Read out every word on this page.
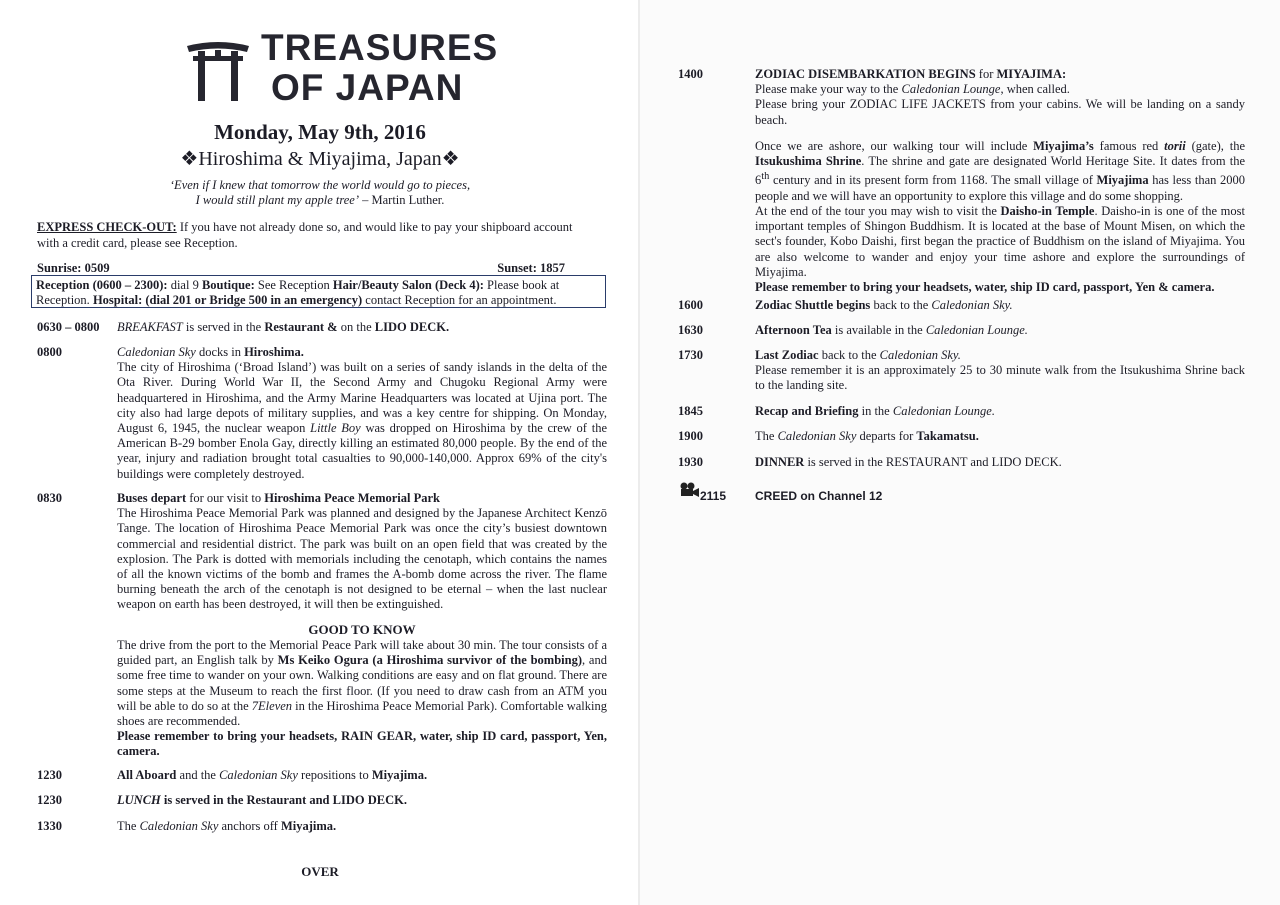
TREASURES
OF JAPAN
Monday, May 9th, 2016
❖Hiroshima & Miyajima, Japan❖
‘Even if I knew that tomorrow the world would go to pieces,
I would still plant my apple tree’ – Martin Luther.
EXPRESS CHECK-OUT: If you have not already done so, and would like to pay your shipboard account with a credit card, please see Reception.
Sunrise: 0509	Sunset: 1857
Reception (0600 – 2300): dial 9 Boutique: See Reception Hair/Beauty Salon (Deck 4): Please book at Reception. Hospital: (dial 201 or Bridge 500 in an emergency) contact Reception for an appointment.
0630 – 0800 BREAKFAST is served in the Restaurant & on the LIDO DECK.
0800	Caledonian Sky docks in Hiroshima.
The city of Hiroshima (‘Broad Island’) was built on a series of sandy islands in the delta of the Ota River. During World War II, the Second Army and Chugoku Regional Army were headquartered in Hiroshima, and the Army Marine Headquarters was located at Ujina port. The city also had large depots of military supplies, and was a key centre for shipping. On Monday, August 6, 1945, the nuclear weapon Little Boy was dropped on Hiroshima by the crew of the American B-29 bomber Enola Gay, directly killing an estimated 80,000 people. By the end of the year, injury and radiation brought total casualties to 90,000-140,000. Approx 69% of the city's buildings were completely destroyed.
0830	Buses depart for our visit to Hiroshima Peace Memorial Park
The Hiroshima Peace Memorial Park was planned and designed by the Japanese Architect Kenzō Tange. The location of Hiroshima Peace Memorial Park was once the city’s busiest downtown commercial and residential district. The park was built on an open field that was created by the explosion. The Park is dotted with memorials including the cenotaph, which contains the names of all the known victims of the bomb and frames the A-bomb dome across the river. The flame burning beneath the arch of the cenotaph is not designed to be eternal – when the last nuclear weapon on earth has been destroyed, it will then be extinguished.
GOOD TO KNOW
The drive from the port to the Memorial Peace Park will take about 30 min. The tour consists of a guided part, an English talk by Ms Keiko Ogura (a Hiroshima survivor of the bombing), and some free time to wander on your own. Walking conditions are easy and on flat ground. There are some steps at the Museum to reach the first floor. (If you need to draw cash from an ATM you will be able to do so at the 7Eleven in the Hiroshima Peace Memorial Park). Comfortable walking shoes are recommended.
Please remember to bring your headsets, RAIN GEAR, water, ship ID card, passport, Yen, camera.
1230	All Aboard and the Caledonian Sky repositions to Miyajima.
1230	LUNCH is served in the Restaurant and LIDO DECK.
1330	The Caledonian Sky anchors off Miyajima.
OVER
1400	ZODIAC DISEMBARKATION BEGINS for MIYAJIMA:
Please make your way to the Caledonian Lounge, when called.
Please bring your ZODIAC LIFE JACKETS from your cabins. We will be landing on a sandy beach.
Once we are ashore, our walking tour will include Miyajima’s famous red torii (gate), the Itsukushima Shrine. The shrine and gate are designated World Heritage Site. It dates from the 6th century and in its present form from 1168. The small village of Miyajima has less than 2000 people and we will have an opportunity to explore this village and do some shopping.
At the end of the tour you may wish to visit the Daisho-in Temple. Daisho-in is one of the most important temples of Shingon Buddhism. It is located at the base of Mount Misen, on which the sect's founder, Kobo Daishi, first began the practice of Buddhism on the island of Miyajima. You are also welcome to wander and enjoy your time ashore and explore the surroundings of Miyajima.
Please remember to bring your headsets, water, ship ID card, passport, Yen & camera.
1600	Zodiac Shuttle begins back to the Caledonian Sky.
1630	Afternoon Tea is available in the Caledonian Lounge.
1730	Last Zodiac back to the Caledonian Sky.
Please remember it is an approximately 25 to 30 minute walk from the Itsukushima Shrine back to the landing site.
1845	Recap and Briefing in the Caledonian Lounge.
1900	The Caledonian Sky departs for Takamatsu.
1930	DINNER is served in the RESTAURANT and LIDO DECK.
2115 CREED on Channel 12
